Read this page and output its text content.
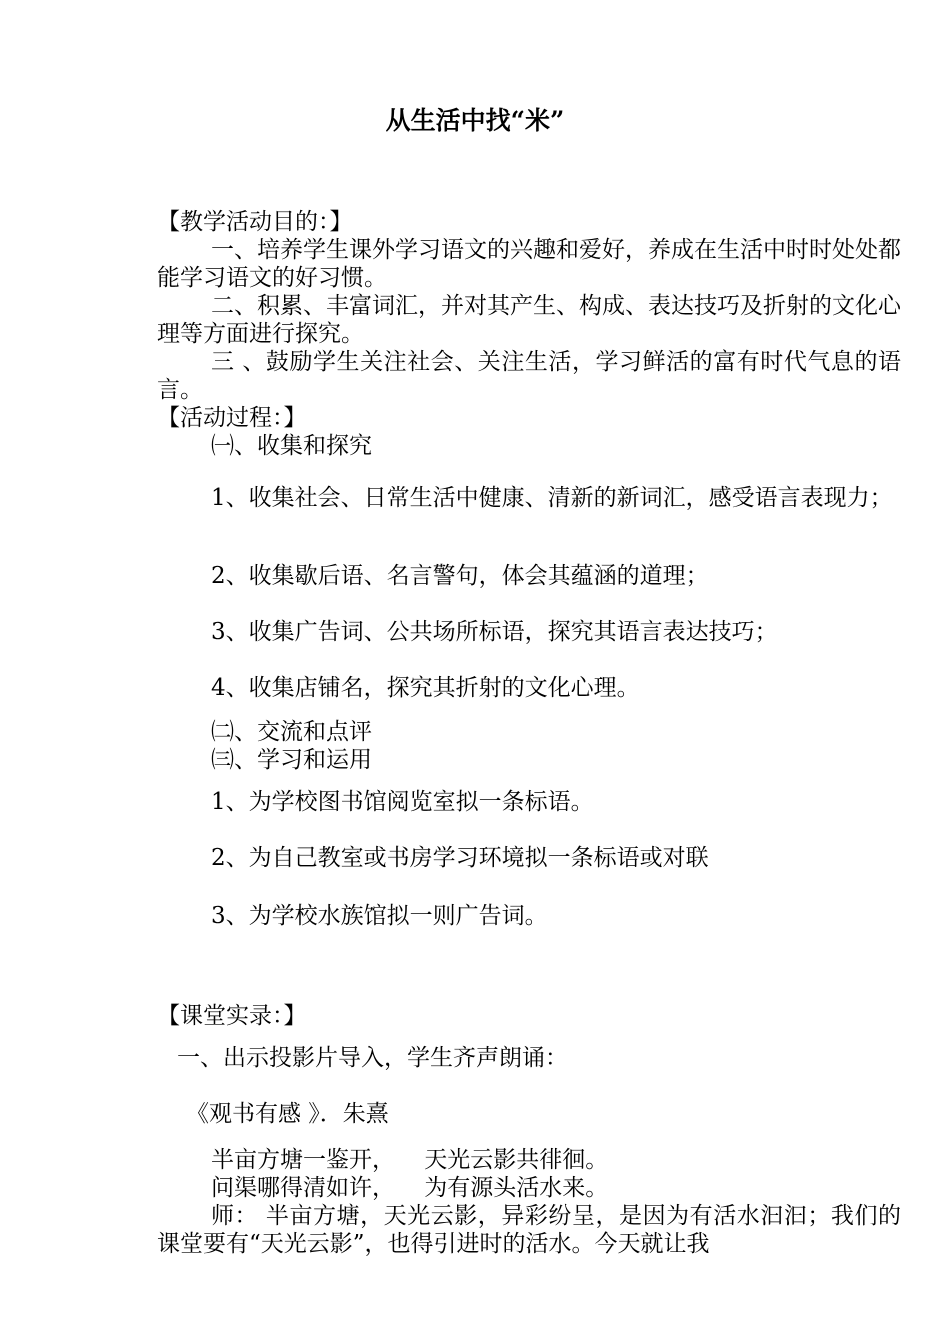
从生活中找“米”
【教学活动目的：】
一、培养学生课外学习语文的兴趣和爱好，养成在生活中时时处处都能学习语文的好习惯。
二、积累、丰富词汇，并对其产生、构成、表达技巧及折射的文化心理等方面进行探究。
三 、鼓励学生关注社会、关注生活，学习鲜活的富有时代气息的语言。
【活动过程：】
㈠、收集和探究
1、收集社会、日常生活中健康、清新的新词汇，感受语言表现力；
2、收集歇后语、名言警句，体会其蕴涵的道理；
3、收集广告词、公共场所标语，探究其语言表达技巧；
4、收集店铺名，探究其折射的文化心理。
㈡、交流和点评
㈢、学习和运用
1、为学校图书馆阅览室拟一条标语。
2、为自己教室或书房学习环境拟一条标语或对联
3、为学校水族馆拟一则广告词。
【课堂实录：】
一、出示投影片导入，学生齐声朗诵：
《观书有感 》．朱熹
半亩方塘一鉴开，    天光云影共徘徊。
问渠哪得清如许，    为有源头活水来。
师： 半亩方塘，天光云影，异彩纷呈，是因为有活水汩汩；我们的课堂要有“天光云影”，也得引进时的活水。今天就让我
